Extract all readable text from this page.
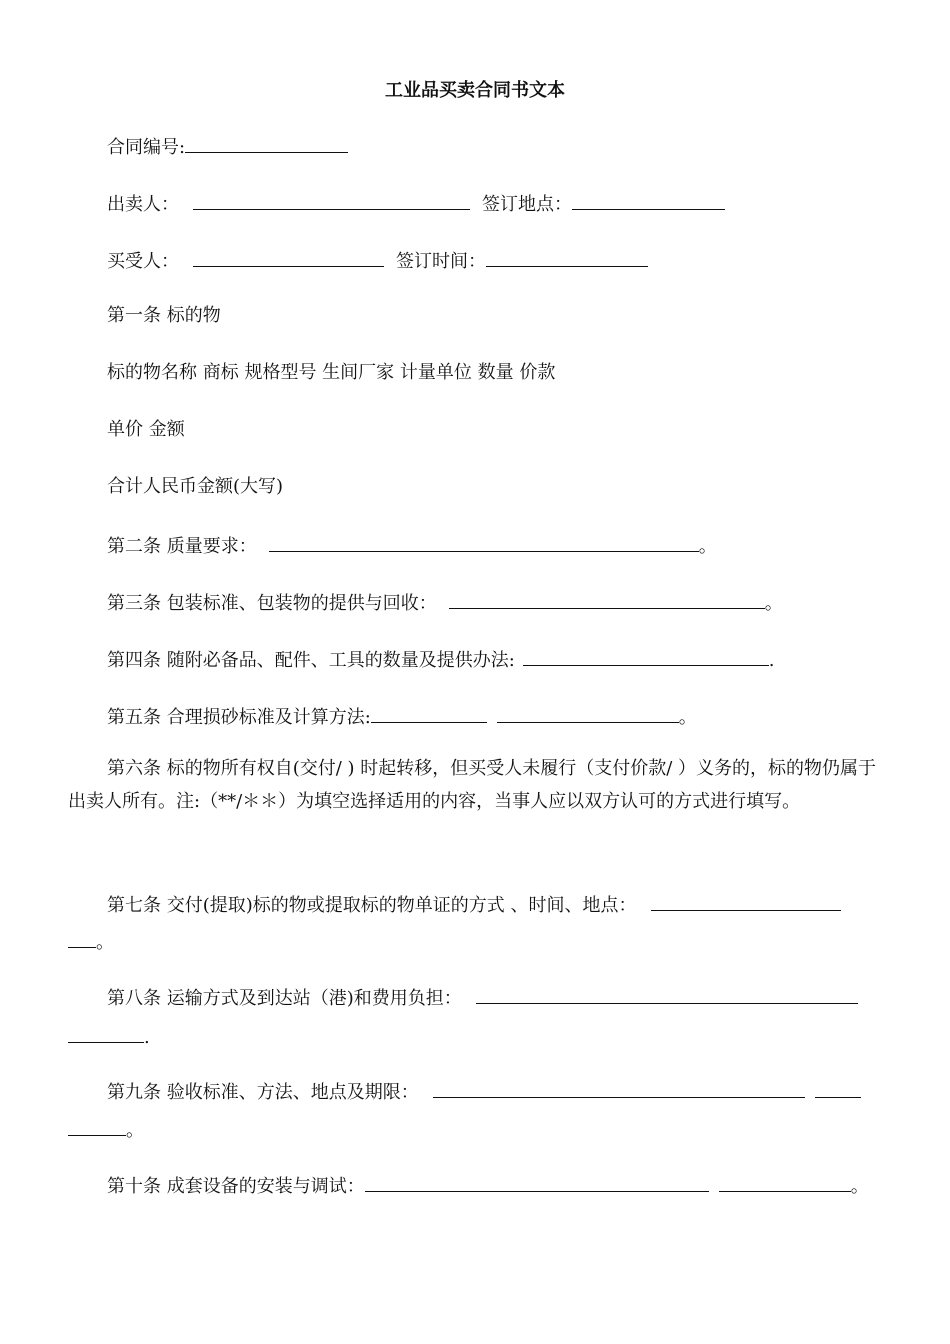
工业品买卖合同书文本
合同编号:
出卖人：	签订地点：
买受人：	签订时间：
第一条 标的物
标的物名称 商标 规格型号 生间厂家 计量单位 数量 价款
单价 金额
合计人民币金额(大写)
第二条 质量要求：	。
第三条 包装标准、包装物的提供与回收：	。
第四条 随附必备品、配件、工具的数量及提供办法:	.
第五条 合理损砂标准及计算方法:	。
第六条 标的物所有权自(交付/ ) 时起转移，但买受人未履行（支付价款/ ）义务的，标的物仍属于出卖人所有。注:（**/＊＊）为填空选择适用的内容，当事人应以双方认可的方式进行填写。
第七条 交付(提取)标的物或提取标的物单证的方式 、时间、地点：
。
第八条 运输方式及到达站（港)和费用负担：
.
第九条 验收标准、方法、地点及期限：
。
第十条 成套设备的安装与调试：	。
